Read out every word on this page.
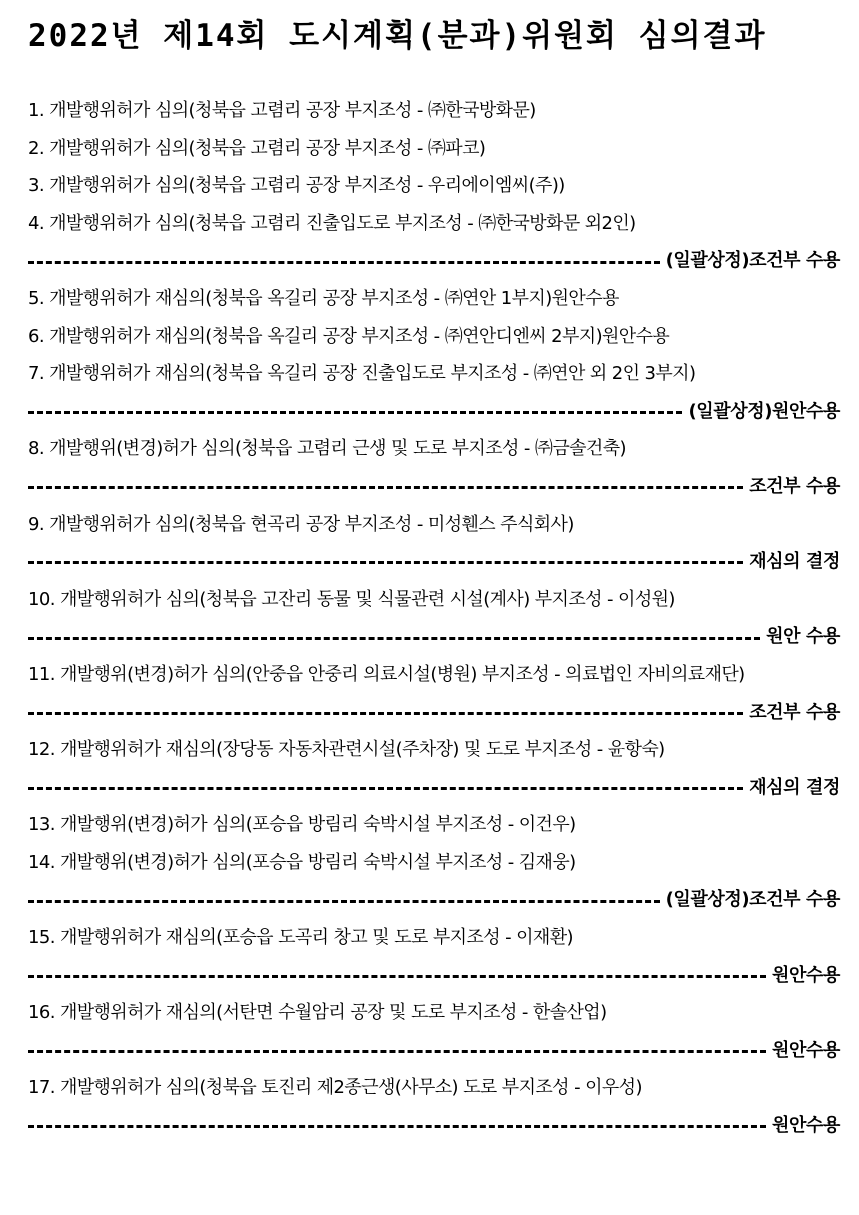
2022년 제14회 도시계획(분과)위원회 심의결과
1. 개발행위허가 심의(청북읍 고렴리 공장 부지조성 - ㈜한국방화문)
2. 개발행위허가 심의(청북읍 고렴리 공장 부지조성 - ㈜파코)
3. 개발행위허가 심의(청북읍 고렴리 공장 부지조성 - 우리에이엠씨(주))
4. 개발행위허가 심의(청북읍 고렴리 진출입도로 부지조성 - ㈜한국방화문 외2인)
(일괄상정)조건부 수용
5. 개발행위허가 재심의(청북읍 옥길리 공장 부지조성 - ㈜연안 1부지)원안수용
6. 개발행위허가 재심의(청북읍 옥길리 공장 부지조성 - ㈜연안디엔씨 2부지)원안수용
7. 개발행위허가 재심의(청북읍 옥길리 공장 진출입도로 부지조성 - ㈜연안 외 2인 3부지)
(일괄상정)원안수용
8. 개발행위(변경)허가 심의(청북읍 고렴리 근생 및 도로 부지조성 - ㈜금솔건축)
조건부 수용
9. 개발행위허가 심의(청북읍 현곡리 공장 부지조성 - 미성휀스 주식회사)
재심의 결정
10. 개발행위허가 심의(청북읍 고잔리 동물 및 식물관련 시설(계사) 부지조성 - 이성원)
원안 수용
11. 개발행위(변경)허가 심의(안중읍 안중리 의료시설(병원) 부지조성 - 의료법인 자비의료재단)
조건부 수용
12. 개발행위허가 재심의(장당동 자동차관련시설(주차장) 및 도로 부지조성 - 윤항숙)
재심의 결정
13. 개발행위(변경)허가 심의(포승읍 방림리 숙박시설 부지조성 - 이건우)
14. 개발행위(변경)허가 심의(포승읍 방림리 숙박시설 부지조성 - 김재웅)
(일괄상정)조건부 수용
15. 개발행위허가 재심의(포승읍 도곡리 창고 및 도로 부지조성 - 이재환)
원안수용
16. 개발행위허가 재심의(서탄면 수월암리 공장 및 도로 부지조성 - 한솔산업)
원안수용
17. 개발행위허가 심의(청북읍 토진리 제2종근생(사무소) 도로 부지조성 - 이우성)
원안수용
